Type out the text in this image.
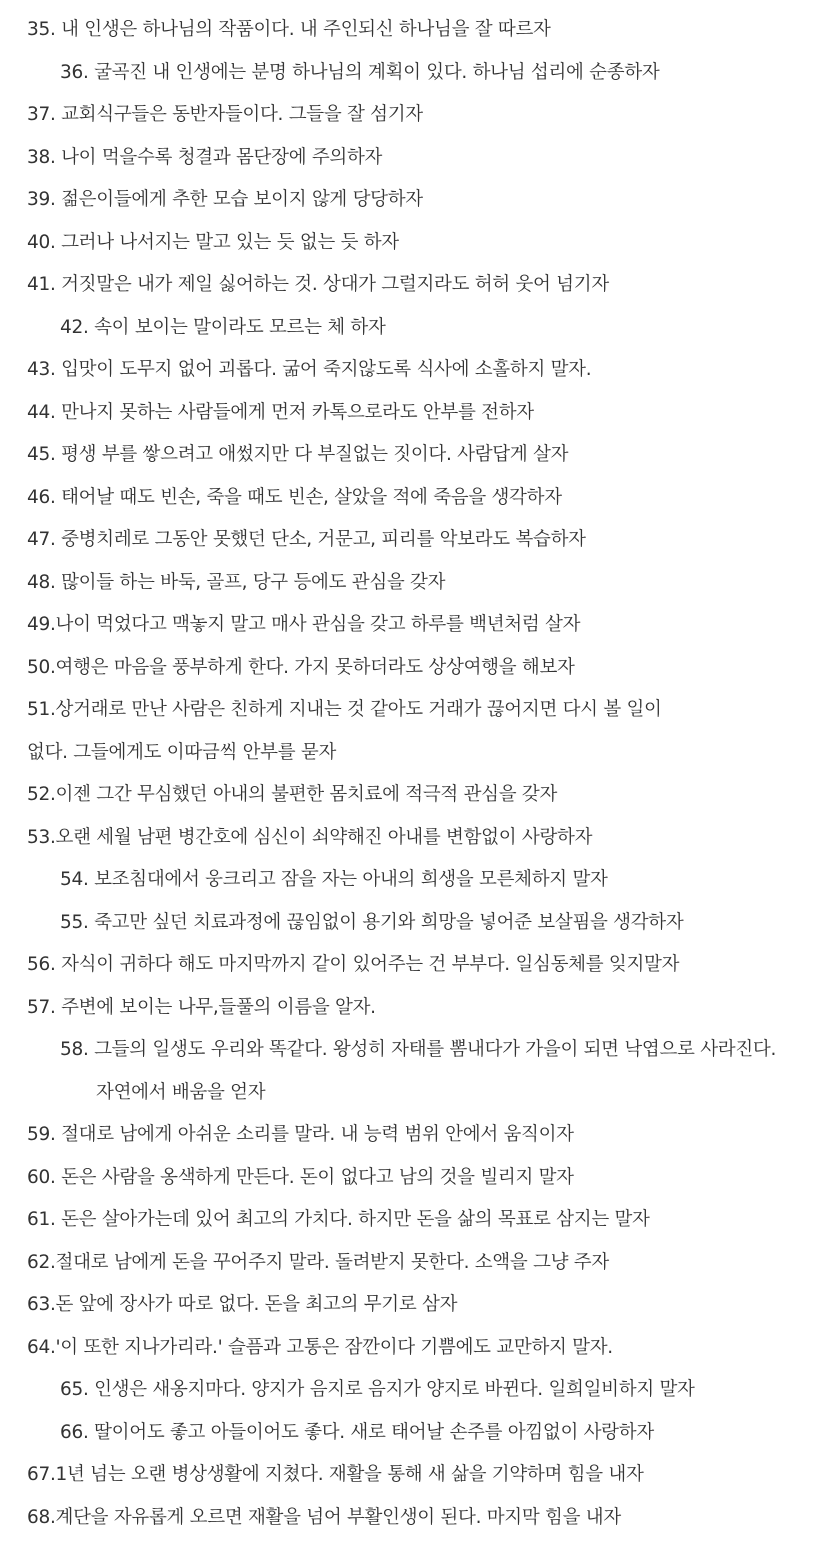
35. 내 인생은 하나님의 작품이다. 내 주인되신 하나님을 잘 따르자
36. 굴곡진 내 인생에는 분명 하나님의 계획이 있다. 하나님 섭리에 순종하자
37. 교회식구들은 동반자들이다. 그들을 잘 섬기자
38. 나이 먹을수록 청결과 몸단장에 주의하자
39. 젊은이들에게 추한 모습 보이지 않게 당당하자
40. 그러나 나서지는 말고 있는 듯 없는 듯 하자
41. 거짓말은 내가 제일 싫어하는 것. 상대가 그럴지라도 허허 웃어 넘기자
42. 속이 보이는 말이라도 모르는 체 하자
43. 입맛이 도무지 없어 괴롭다. 굶어 죽지않도록 식사에 소홀하지 말자.
44. 만나지 못하는 사람들에게 먼저 카톡으로라도 안부를 전하자
45. 평생 부를 쌓으려고 애썼지만 다 부질없는 짓이다. 사람답게 살자
46. 태어날 때도 빈손, 죽을 때도 빈손, 살았을 적에 죽음을 생각하자
47. 중병치레로 그동안 못했던 단소, 거문고, 피리를 악보라도 복습하자
48. 많이들 하는 바둑, 골프, 당구 등에도 관심을 갖자
49.나이 먹었다고 맥놓지 말고 매사 관심을 갖고 하루를 백년처럼 살자
50.여행은 마음을 풍부하게 한다. 가지 못하더라도 상상여행을 해보자
51.상거래로 만난 사람은 친하게 지내는 것 같아도 거래가 끊어지면 다시 볼 일이
없다. 그들에게도 이따금씩 안부를 묻자
52.이젠 그간 무심했던 아내의 불편한 몸치료에 적극적 관심을 갖자
53.오랜 세월 남편 병간호에 심신이 쇠약해진 아내를 변함없이 사랑하자
54. 보조침대에서 웅크리고 잠을 자는 아내의 희생을 모른체하지 말자
55. 죽고만 싶던 치료과정에 끊임없이 용기와 희망을 넣어준 보살핌을 생각하자
56. 자식이 귀하다 해도 마지막까지 같이 있어주는 건 부부다. 일심동체를 잊지말자
57. 주변에 보이는 나무,들풀의 이름을 알자.
58. 그들의 일생도 우리와 똑같다. 왕성히 자태를 뽐내다가 가을이 되면 낙엽으로 사라진다.
자연에서 배움을 얻자
59. 절대로 남에게 아쉬운 소리를 말라. 내 능력 범위 안에서 움직이자
60. 돈은 사람을 옹색하게 만든다. 돈이 없다고 남의 것을 빌리지 말자
61. 돈은 살아가는데 있어 최고의 가치다. 하지만 돈을 삶의 목표로 삼지는 말자
62.절대로 남에게 돈을 꾸어주지 말라. 돌려받지 못한다. 소액을 그냥 주자
63.돈 앞에 장사가 따로 없다. 돈을 최고의 무기로 삼자
64.'이 또한 지나가리라.' 슬픔과 고통은 잠깐이다 기쁨에도 교만하지 말자.
65. 인생은 새옹지마다. 양지가 음지로 음지가 양지로 바뀐다. 일희일비하지 말자
66. 딸이어도 좋고 아들이어도 좋다. 새로 태어날 손주를 아낌없이 사랑하자
67.1년 넘는 오랜 병상생활에 지쳤다. 재활을 통해 새 삶을 기약하며 힘을 내자
68.계단을 자유롭게 오르면 재활을 넘어 부활인생이 된다. 마지막 힘을 내자
